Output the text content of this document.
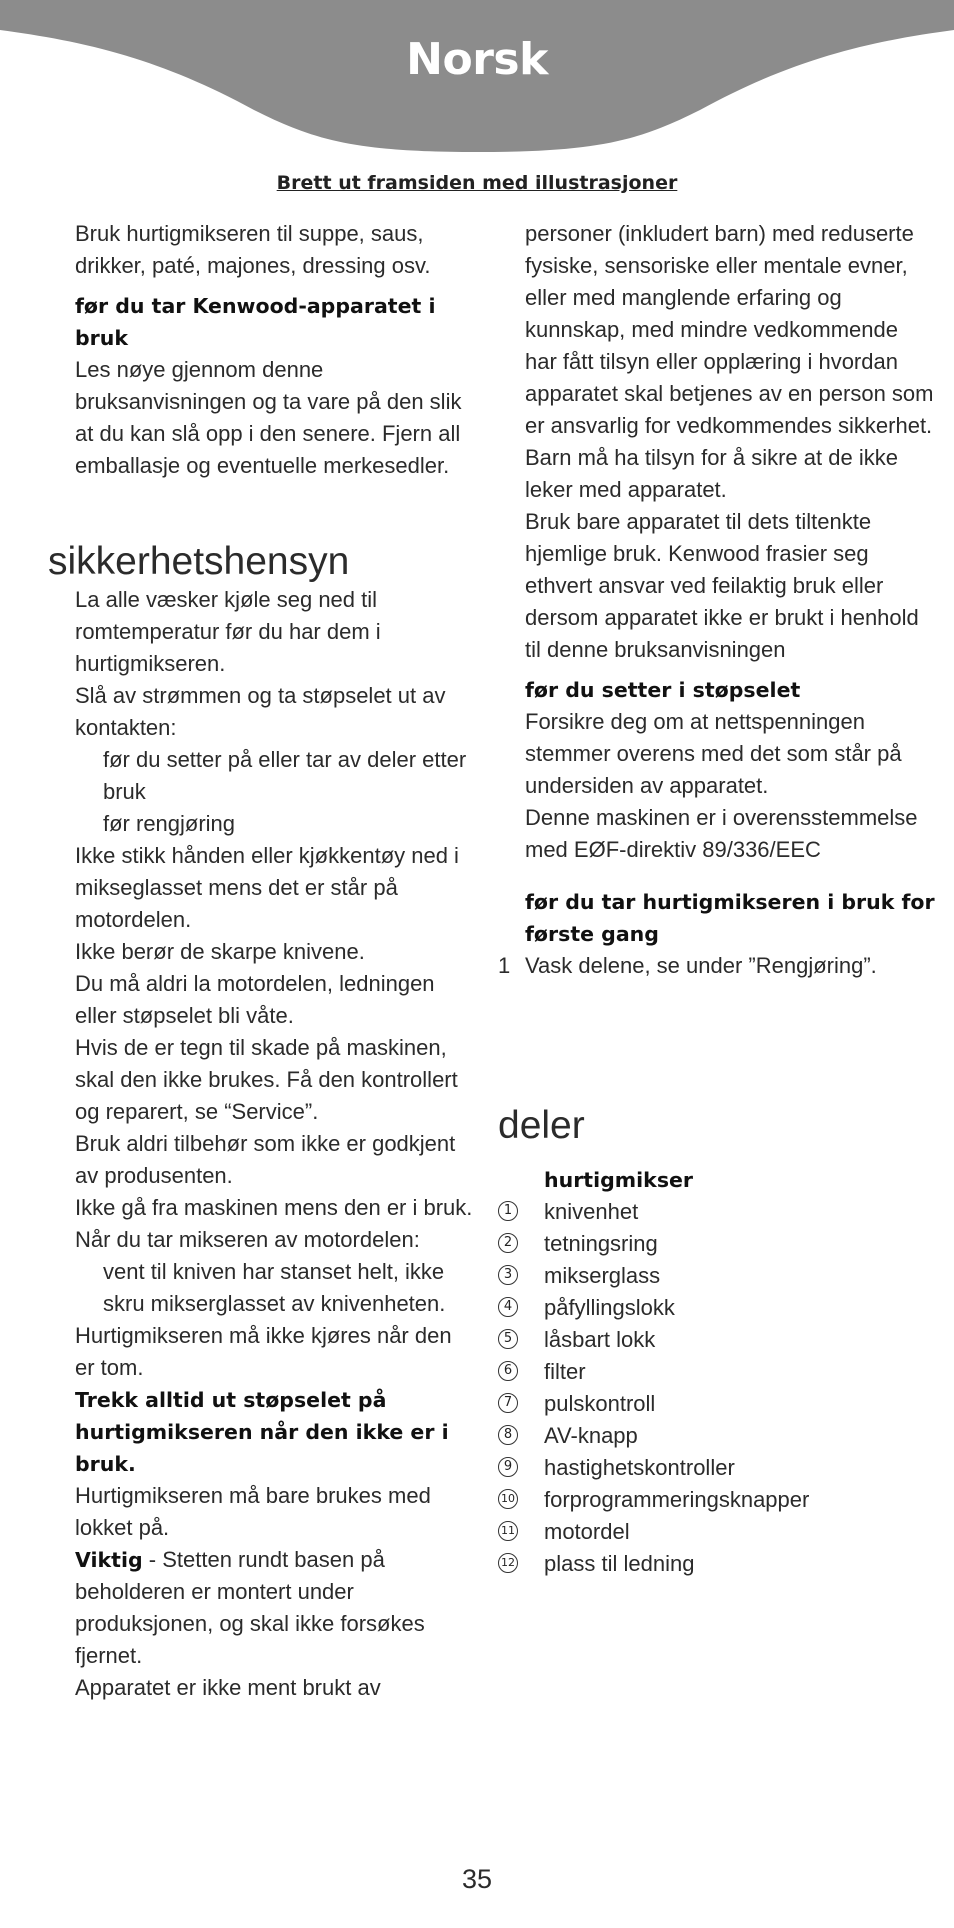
Norsk
Brett ut framsiden med illustrasjoner

Bruk hurtigmikseren til suppe, saus, drikker, paté, majones, dressing osv.

før du tar Kenwood-apparatet i bruk

Les nøye gjennom denne bruksanvisningen og ta vare på den slik at du kan slå opp i den senere. Fjern all emballasje og eventuelle merkesedler.

La alle væsker kjøle seg ned til romtemperatur før du har dem i hurtigmikseren.

Slå av strømmen og ta støpselet ut av kontakten:

før du setter på eller tar av deler etter bruk

før rengjøring

Ikke stikk hånden eller kjøkkentøy ned i mikseglasset mens det er står på motordelen.

Ikke berør de skarpe knivene.

Du må aldri la motordelen, ledningen eller støpselet bli våte.

Hvis de er tegn til skade på maskinen, skal den ikke brukes. Få den kontrollert og reparert, se “Service”.

Bruk aldri tilbehør som ikke er godkjent av produsenten.

Ikke gå fra maskinen mens den er i bruk.

Når du tar mikseren av motordelen:

vent til kniven har stanset helt, ikke skru mikserglasset av knivenheten.

Hurtigmikseren må ikke kjøres når den er tom.

Trekk alltid ut støpselet på hurtigmikseren når den ikke er i bruk.

Hurtigmikseren må bare brukes med lokket på.

Viktig - Stetten rundt basen på beholderen er montert under produksjonen, og skal ikke forsøkes fjernet.

Apparatet er ikke ment brukt av

sikkerhetshensyn

personer (inkludert barn) med reduserte fysiske, sensoriske eller mentale evner, eller med manglende erfaring og kunnskap, med mindre vedkommende har fått tilsyn eller opplæring i hvordan apparatet skal betjenes av en person som er ansvarlig for vedkommendes sikkerhet.

Barn må ha tilsyn for å sikre at de ikke leker med apparatet.

Bruk bare apparatet til dets tiltenkte hjemlige bruk. Kenwood frasier seg ethvert ansvar ved feilaktig bruk eller dersom apparatet ikke er brukt i henhold til denne bruksanvisningen

før du setter i støpselet

Forsikre deg om at nettspenningen stemmer overens med det som står på undersiden av apparatet.

Denne maskinen er i overensstemmelse med EØF-direktiv 89/336/EEC

før du tar hurtigmikseren i bruk for første gang

1 Vask delene, se under ”Rengjøring”.

deler
hurtigmikser
1 knivenhet
2 tetningsring
3 mikserglass
4 påfyllingslokk
5 låsbart lokk
6 filter
7 pulskontroll
8 AV-knapp
9 hastighetskontroller
10 forprogrammeringsknapper
11 motordel
12 plass til ledning
35
